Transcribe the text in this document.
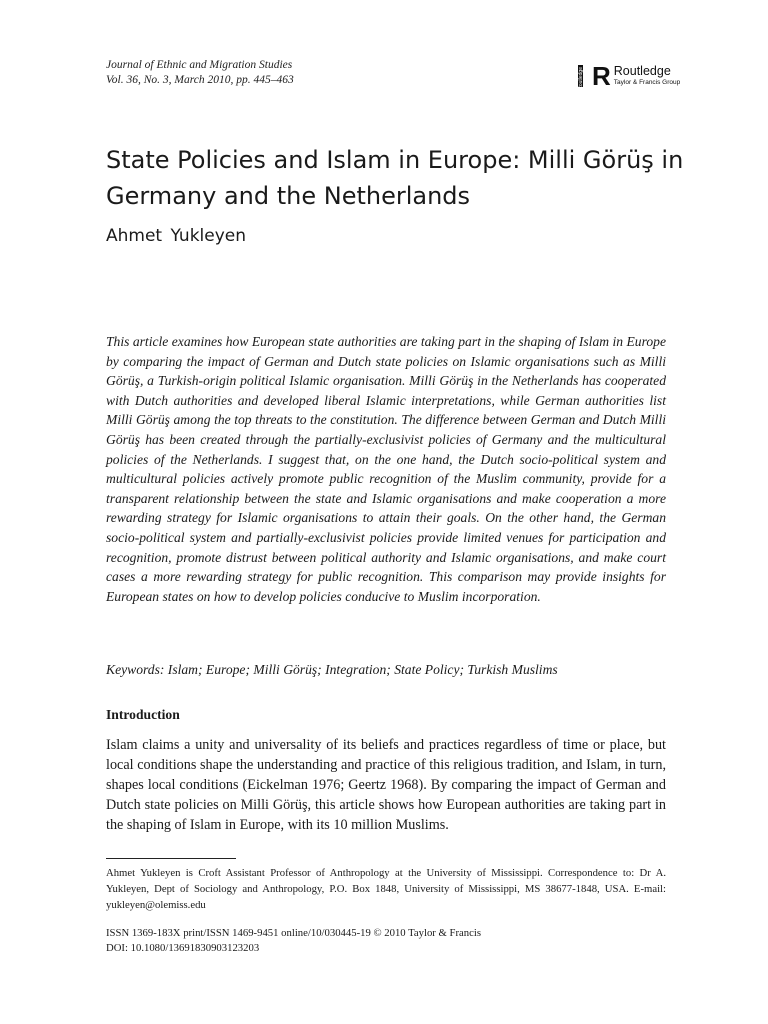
Journal of Ethnic and Migration Studies
Vol. 36, No. 3, March 2010, pp. 445–463	Routledge R Routledge
Taylor & Francis Group
State Policies and Islam in Europe: Milli Görüş in Germany and the Netherlands
Ahmet Yukleyen

This article examines how European state authorities are taking part in the shaping of Islam in Europe by comparing the impact of German and Dutch state policies on Islamic organisations such as Milli Görüş, a Turkish-origin political Islamic organisation. Milli Görüş in the Netherlands has cooperated with Dutch authorities and developed liberal Islamic interpretations, while German authorities list Milli Görüş among the top threats to the constitution. The difference between German and Dutch Milli Görüş has been created through the partially-exclusivist policies of Germany and the multicultural policies of the Netherlands. I suggest that, on the one hand, the Dutch socio-political system and multicultural policies actively promote public recognition of the Muslim community, provide for a transparent relationship between the state and Islamic organisations and make cooperation a more rewarding strategy for Islamic organisations to attain their goals. On the other hand, the German socio-political system and partially-exclusivist policies provide limited venues for participation and recognition, promote distrust between political authority and Islamic organisations, and make court cases a more rewarding strategy for public recognition. This comparison may provide insights for European states on how to develop policies conducive to Muslim incorporation.

Keywords: Islam; Europe; Milli Görüş; Integration; State Policy; Turkish Muslims

Introduction

Islam claims a unity and universality of its beliefs and practices regardless of time or place, but local conditions shape the understanding and practice of this religious tradition, and Islam, in turn, shapes local conditions (Eickelman 1976; Geertz 1968). By comparing the impact of German and Dutch state policies on Milli Görüş, this article shows how European authorities are taking part in the shaping of Islam in Europe, with its 10 million Muslims.

Ahmet Yukleyen is Croft Assistant Professor of Anthropology at the University of Mississippi. Correspondence to: Dr A. Yukleyen, Dept of Sociology and Anthropology, P.O. Box 1848, University of Mississippi, MS 38677-1848, USA. E-mail: yukleyen@olemiss.edu

ISSN 1369-183X print/ISSN 1469-9451 online/10/030445-19 © 2010 Taylor & Francis

DOI: 10.1080/13691830903123203
